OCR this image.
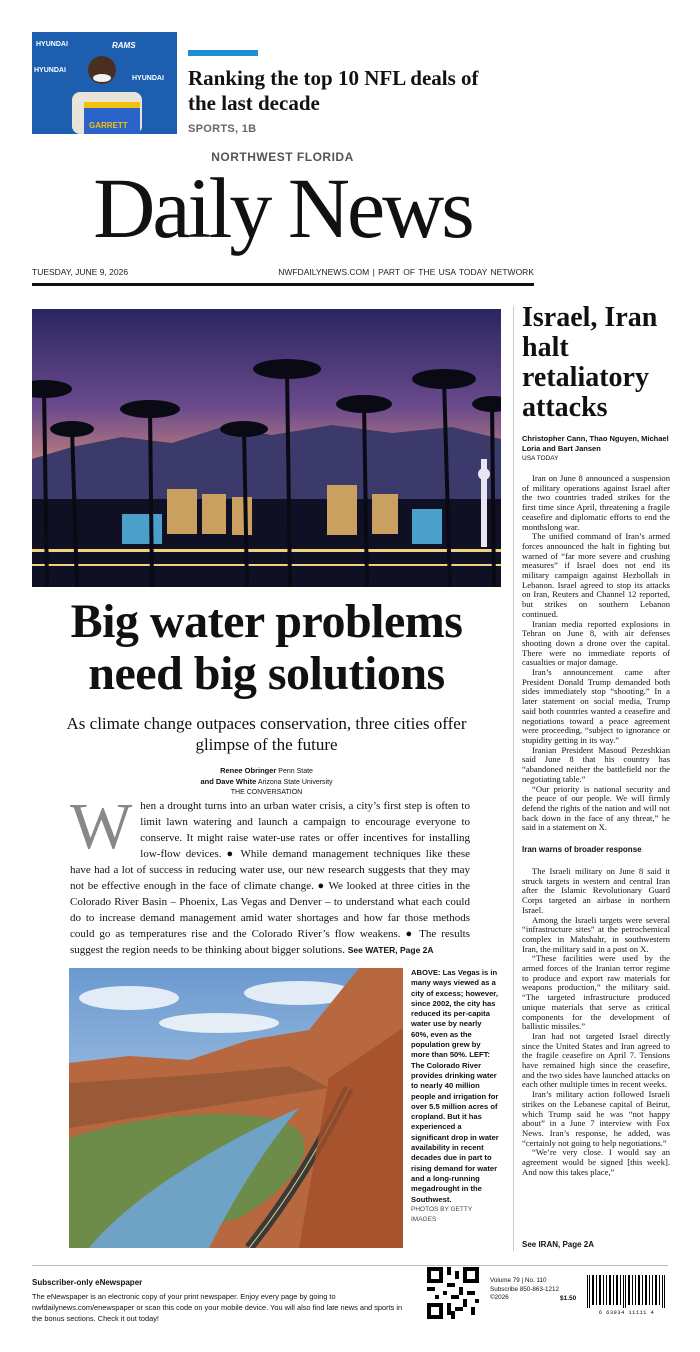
HYUNDAI	RAMS
HYUNDAI
HYUNDAI
GARRETT
Ranking the top 10 NFL deals of the last decade
SPORTS, 1B
NORTHWEST FLORIDA
Daily News
TUESDAY, JUNE 9, 2026	NWFDAILYNEWS.COM | PART OF THE USA TODAY NETWORK
Big water problems need big solutions
As climate change outpaces conservation, three cities offer glimpse of the future
Renee Obringer Penn State
and Dave White Arizona State University
THE CONVERSATION
When a drought turns into an urban water crisis, a city’s first step is often to limit lawn watering and launch a campaign to encourage everyone to conserve. It might raise water-use rates or offer incentives for installing low-flow devices. ● While demand management techniques like these have had a lot of success in reducing water use, our new research suggests that they may not be effective enough in the face of climate change. ● We looked at three cities in the Colorado River Basin – Phoenix, Las Vegas and Denver – to understand what each could do to increase demand management amid water shortages and how far those methods could go as temperatures rise and the Colorado River’s flow weakens. ● The results suggest the region needs to be thinking about bigger solutions. See WATER, Page 2A
ABOVE: Las Vegas is in many ways viewed as a city of excess; however, since 2002, the city has reduced its per-capita water use by nearly 60%, even as the population grew by more than 50%. LEFT: The Colorado River provides drinking water to nearly 40 million people and irrigation for over 5.5 million acres of cropland. But it has experienced a significant drop in water availability in recent decades due in part to rising demand for water and a long-running megadrought in the Southwest.
PHOTOS BY GETTY IMAGES
Israel, Iran halt retaliatory attacks
Christopher Cann, Thao Nguyen, Michael Loria and Bart Jansen
USA TODAY

Iran on June 8 announced a suspension of military operations against Israel after the two countries traded strikes for the first time since April, threatening a fragile ceasefire and diplomatic efforts to end the monthslong war.

The unified command of Iran’s armed forces announced the halt in fighting but warned of “far more severe and crushing measures” if Israel does not end its military campaign against Hezbollah in Lebanon. Israel agreed to stop its attacks on Iran, Reuters and Channel 12 reported, but strikes on southern Lebanon continued.

Iranian media reported explosions in Tehran on June 8, with air defenses shooting down a drone over the capital. There were no immediate reports of casualties or major damage.

Iran’s announcement came after President Donald Trump demanded both sides immediately stop “shooting.” In a later statement on social media, Trump said both countries wanted a ceasefire and negotiations toward a peace agreement were proceeding, “subject to ignorance or stupidity getting in its way.”

Iranian President Masoud Pezeshkian said June 8 that his country has “abandoned neither the battlefield nor the negotiating table.”

“Our priority is national security and the peace of our people. We will firmly defend the rights of the nation and will not back down in the face of any threat,” he said in a statement on X.

Iran warns of broader response

The Israeli military on June 8 said it struck targets in western and central Iran after the Islamic Revolutionary Guard Corps targeted an airbase in northern Israel.

Among the Israeli targets were several “infrastructure sites” at the petrochemical complex in Mahshahr, in southwestern Iran, the military said in a post on X.

“These facilities were used by the armed forces of the Iranian terror regime to produce and export raw materials for weapons production,” the military said. “The targeted infrastructure produced unique materials that serve as critical components for the development of ballistic missiles.”

Iran had not targeted Israel directly since the United States and Iran agreed to the fragile ceasefire on April 7. Tensions have remained high since the ceasefire, and the two sides have launched attacks on each other multiple times in recent weeks.

Iran’s military action followed Israeli strikes on the Lebanese capital of Beirut, which Trump said he was “not happy about” in a June 7 interview with Fox News. Iran’s response, he added, was “certainly not going to help negotiations.”

“We’re very close. I would say an agreement would be signed [this week]. And now this takes place,”

See IRAN, Page 2A
Subscriber-only eNewspaper
The eNewspaper is an electronic copy of your print newspaper. Enjoy every page by going to nwfdailynews.com/enewspaper or scan this code on your mobile device. You will also find late news and sports in the bonus sections. Check it out today!
Volume 79 | No. 110
Subscribe 850-863-1212
©2026	$1.50
6 63934 11111 4
